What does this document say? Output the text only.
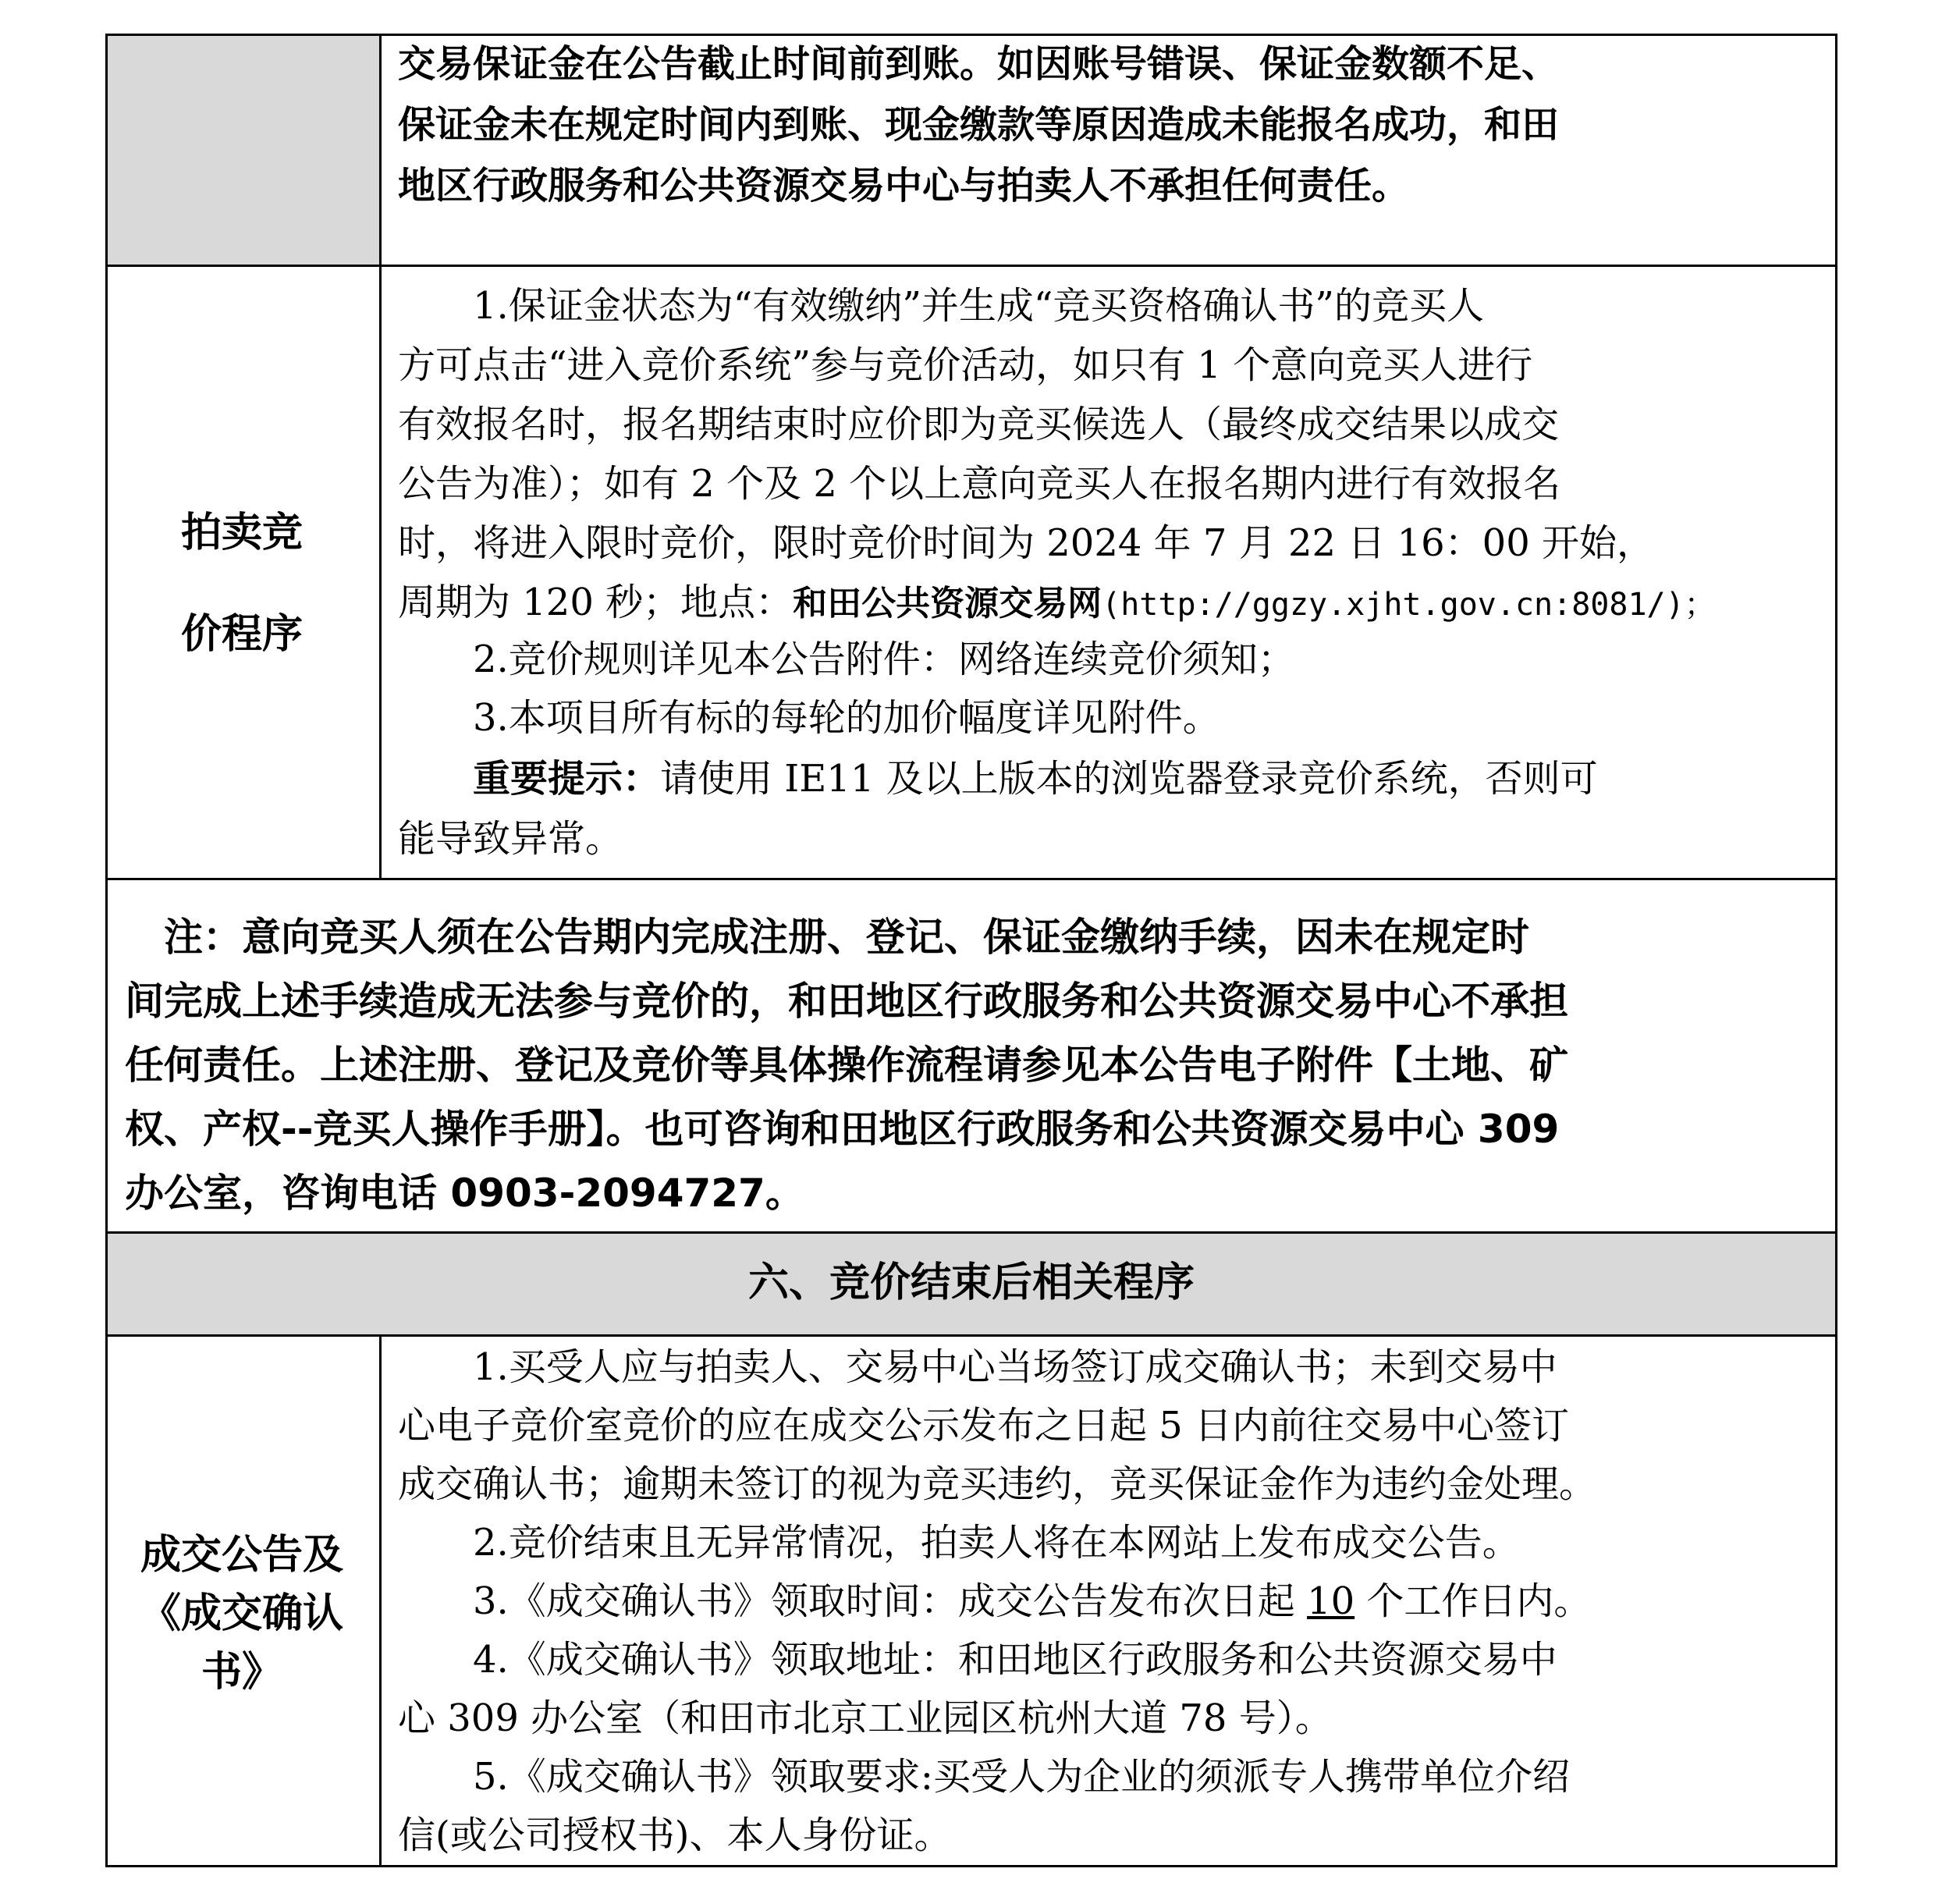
交易保证金在公告截止时间前到账。如因账号错误、保证金数额不足、

保证金未在规定时间内到账、现金缴款等原因造成未能报名成功，和田

地区行政服务和公共资源交易中心与拍卖人不承担任何责任。

拍卖竞
价程序

　　1.保证金状态为“有效缴纳”并生成“竞买资格确认书”的竞买人

方可点击“进入竞价系统”参与竞价活动，如只有 1 个意向竞买人进行

有效报名时，报名期结束时应价即为竞买候选人（最终成交结果以成交

公告为准）；如有 2 个及 2 个以上意向竞买人在报名期内进行有效报名

时，将进入限时竞价，限时竞价时间为 2024 年 7 月 22 日 16：00 开始，

周期为 120 秒；地点：和田公共资源交易网(http://ggzy.xjht.gov.cn:8081/)；

　　2.竞价规则详见本公告附件：网络连续竞价须知；

　　3.本项目所有标的每轮的加价幅度详见附件。

　　重要提示：请使用 IE11 及以上版本的浏览器登录竞价系统，否则可

能导致异常。

　注：意向竞买人须在公告期内完成注册、登记、保证金缴纳手续，因未在规定时
间完成上述手续造成无法参与竞价的，和田地区行政服务和公共资源交易中心不承担
任何责任。上述注册、登记及竞价等具体操作流程请参见本公告电子附件【土地、矿
权、产权--竞买人操作手册】。也可咨询和田地区行政服务和公共资源交易中心 309
办公室，咨询电话 0903-2094727。
六、竞价结束后相关程序
成交公告及
《成交确认
书》

　　1.买受人应与拍卖人、交易中心当场签订成交确认书；未到交易中

心电子竞价室竞价的应在成交公示发布之日起 5 日内前往交易中心签订

成交确认书；逾期未签订的视为竞买违约，竞买保证金作为违约金处理。

　　2.竞价结束且无异常情况，拍卖人将在本网站上发布成交公告。

　　3.《成交确认书》领取时间：成交公告发布次日起 10 个工作日内。

　　4.《成交确认书》领取地址：和田地区行政服务和公共资源交易中

心 309 办公室（和田市北京工业园区杭州大道 78 号）。

　　5.《成交确认书》领取要求:买受人为企业的须派专人携带单位介绍

信(或公司授权书)、本人身份证。
